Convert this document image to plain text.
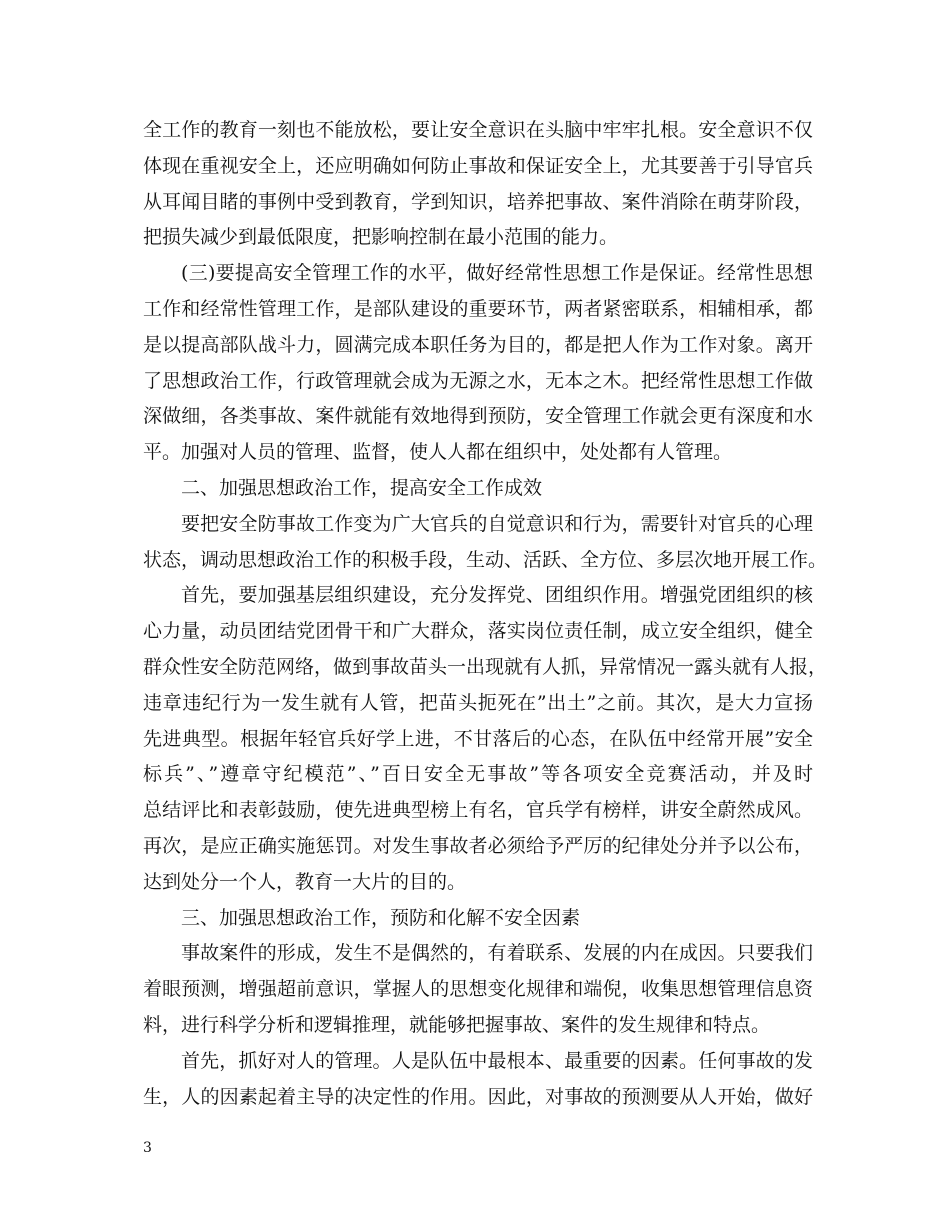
全工作的教育一刻也不能放松，要让安全意识在头脑中牢牢扎根。安全意识不仅
体现在重视安全上，还应明确如何防止事故和保证安全上，尤其要善于引导官兵
从耳闻目睹的事例中受到教育，学到知识，培养把事故、案件消除在萌芽阶段，
把损失减少到最低限度，把影响控制在最小范围的能力。
(三)要提高安全管理工作的水平，做好经常性思想工作是保证。经常性思想
工作和经常性管理工作，是部队建设的重要环节，两者紧密联系，相辅相承，都
是以提高部队战斗力，圆满完成本职任务为目的，都是把人作为工作对象。离开
了思想政治工作，行政管理就会成为无源之水，无本之木。把经常性思想工作做
深做细，各类事故、案件就能有效地得到预防，安全管理工作就会更有深度和水
平。加强对人员的管理、监督，使人人都在组织中，处处都有人管理。
二、加强思想政治工作，提高安全工作成效
要把安全防事故工作变为广大官兵的自觉意识和行为，需要针对官兵的心理
状态，调动思想政治工作的积极手段，生动、活跃、全方位、多层次地开展工作。
首先，要加强基层组织建设，充分发挥党、团组织作用。增强党团组织的核
心力量，动员团结党团骨干和广大群众，落实岗位责任制，成立安全组织，健全
群众性安全防范网络，做到事故苗头一出现就有人抓，异常情况一露头就有人报，
违章违纪行为一发生就有人管，把苗头扼死在”出土”之前。其次，是大力宣扬
先进典型。根据年轻官兵好学上进，不甘落后的心态，在队伍中经常开展”安全
标兵”、”遵章守纪模范”、”百日安全无事故”等各项安全竞赛活动，并及时
总结评比和表彰鼓励，使先进典型榜上有名，官兵学有榜样，讲安全蔚然成风。
再次，是应正确实施惩罚。对发生事故者必须给予严厉的纪律处分并予以公布，
达到处分一个人，教育一大片的目的。
三、加强思想政治工作，预防和化解不安全因素
事故案件的形成，发生不是偶然的，有着联系、发展的内在成因。只要我们
着眼预测，增强超前意识，掌握人的思想变化规律和端倪，收集思想管理信息资
料，进行科学分析和逻辑推理，就能够把握事故、案件的发生规律和特点。
首先，抓好对人的管理。人是队伍中最根本、最重要的因素。任何事故的发
生，人的因素起着主导的决定性的作用。因此，对事故的预测要从人开始，做好
3
